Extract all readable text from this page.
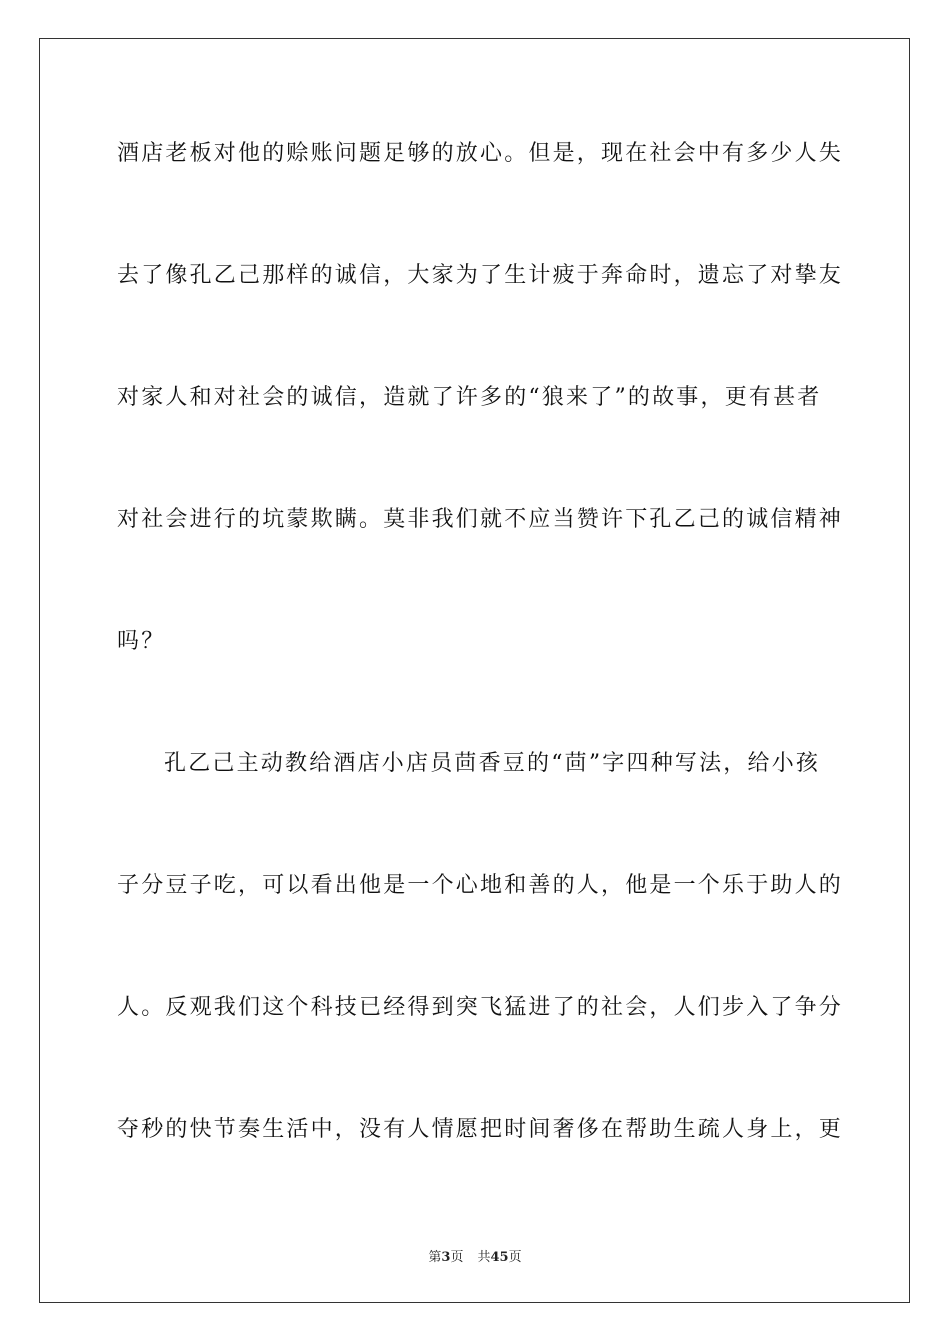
酒店老板对他的赊账问题足够的放心。但是，现在社会中有多少人失
去了像孔乙己那样的诚信，大家为了生计疲于奔命时，遗忘了对挚友
对家人和对社会的诚信，造就了许多的“狼来了”的故事，更有甚者
对社会进行的坑蒙欺瞒。莫非我们就不应当赞许下孔乙己的诚信精神
吗？
孔乙己主动教给酒店小店员茴香豆的“茴”字四种写法，给小孩
子分豆子吃，可以看出他是一个心地和善的人，他是一个乐于助人的
人。反观我们这个科技已经得到突飞猛进了的社会，人们步入了争分
夺秒的快节奏生活中，没有人情愿把时间奢侈在帮助生疏人身上，更
第3页 共45页
